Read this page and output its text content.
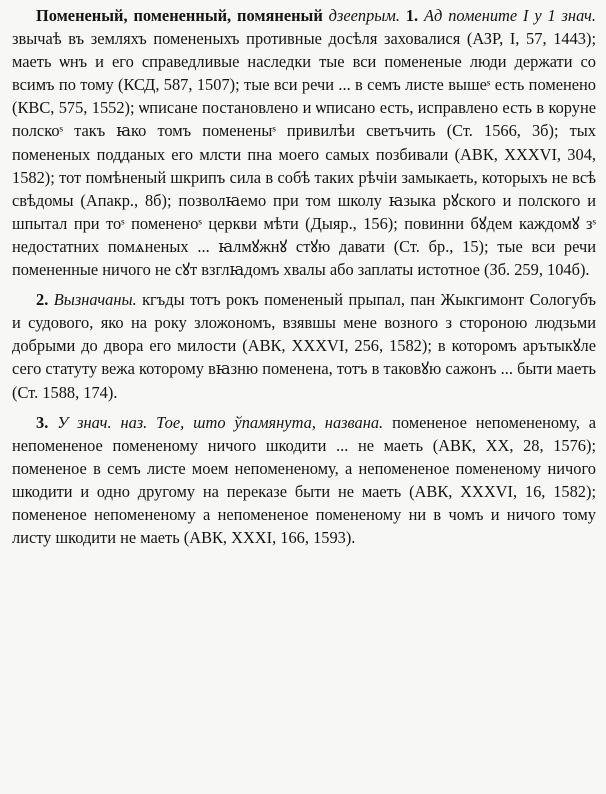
Помененый, помененный, помяненый дзеепрым. 1. Ад помените I у 1 знач. звычаѣ въ земляхъ помененыхъ противные досѣля заховалися (АЗР, I, 57, 1443); маеть ѡнъ и его справедливые наследки тые вси помененые люди держати со всимъ по тому (КСД, 587, 1507); тые вси речи ... в семъ листе вышеˢ есть поменено (КВС, 575, 1552); ѡписане постановлено и ѡписано есть, исправлено есть в коруне полскоˢ такъ ꙗко томъ помененыˢ привилѣи светъчить (Ст. 1566, 3б); тых помененых подданых его млсти пна моего самых позбивали (АВК, XXXVI, 304, 1582); тот помѣненый шкрипъ сила в собѣ таких рѣчiи замыкаеть, которыхъ не всѣ свѣдомы (Апакр., 8б); позволꙗемо при том школу ꙗзыка рꙋского и полского и шпытал при тоˢ помененоˢ церкви мѣти (Дыяр., 156); повинни бꙋдем каждомꙋ зˢ недостатних помѧненых ... ꙗлмꙋжнꙋ стꙋю давати (Ст. бр., 15); тые вси речи помененные ничого не сꙋт взглꙗдомъ хвалы або заплаты истотное (Зб. 259, 104б).

2. Вызначаны. кгъды тотъ рокъ помененый прыпал, пан Жыкгимонт Сологубъ и судового, яко на року зложономъ, взявшы мене возного з стороною людзьми добрыми до двора его милости (АВК, XXXVI, 256, 1582); в которомъ арътыкꙋле сего статуту вежа которому вꙗзню поменена, тотъ в таковꙋю сажонъ ... быти маеть (Ст. 1588, 174).

3. У знач. наз. Тое, што ўпамянута, названа. помененое непомененому, а непомененое помененому ничого шкодити ... не маеть (АВК, XX, 28, 1576); помененое в семъ листе моем непомененому, а непомененое помененому ничого шкодити и одно другому на переказе быти не маеть (АВК, XXXVI, 16, 1582); помененое непомененому а непомененое помененому ни в чомъ и ничого тому листу шкодити не маеть (АВК, XXXI, 166, 1593).
